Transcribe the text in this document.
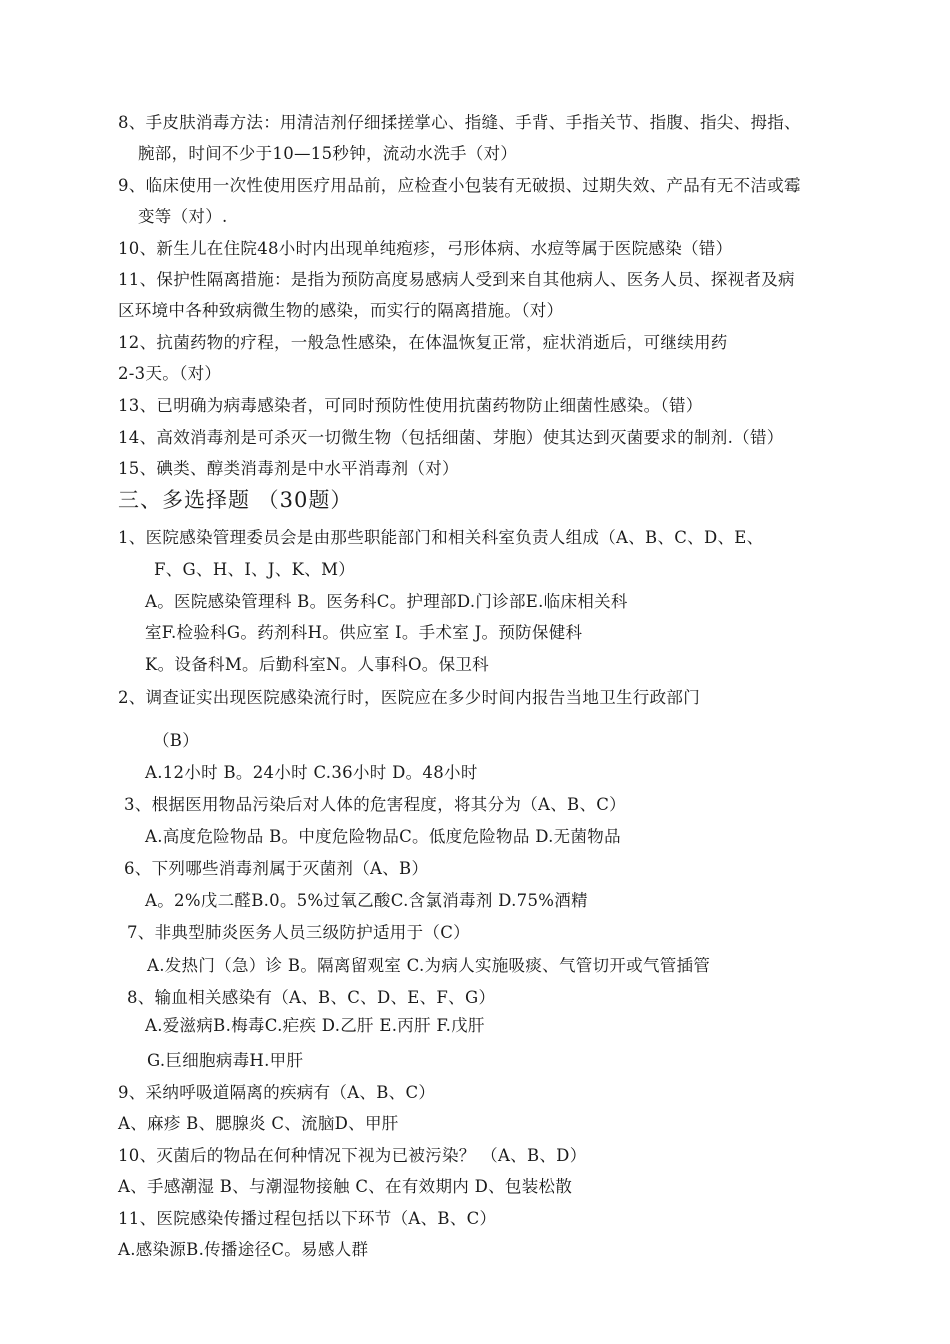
8、手皮肤消毒方法：用清洁剂仔细揉搓掌心、指缝、手背、手指关节、指腹、指尖、拇指、
腕部，时间不少于10—15秒钟，流动水洗手（对）
9、临床使用一次性使用医疗用品前，应检查小包装有无破损、过期失效、产品有无不洁或霉
变等（对）.
10、新生儿在住院48小时内出现单纯疱疹，弓形体病、水痘等属于医院感染（错）
11、保护性隔离措施：是指为预防高度易感病人受到来自其他病人、医务人员、探视者及病
区环境中各种致病微生物的感染，而实行的隔离措施。（对）
12、抗菌药物的疗程，一般急性感染，在体温恢复正常，症状消逝后，可继续用药
2-3天。（对）
13、已明确为病毒感染者，可同时预防性使用抗菌药物防止细菌性感染。（错）
14、高效消毒剂是可杀灭一切微生物（包括细菌、芽胞）使其达到灭菌要求的制剂.（错）
15、碘类、醇类消毒剂是中水平消毒剂（对）
三、多选择题 （30题）
1、医院感染管理委员会是由那些职能部门和相关科室负责人组成（A、B、C、D、E、
F、G、H、I、J、K、M）
A。医院感染管理科 B。医务科C。护理部D.门诊部E.临床相关科
室F.检验科G。药剂科H。供应室 I。手术室 J。预防保健科
K。设备科M。后勤科室N。人事科O。保卫科
2、调查证实出现医院感染流行时，医院应在多少时间内报告当地卫生行政部门
（B）
A.12小时 B。24小时 C.36小时 D。48小时
3、根据医用物品污染后对人体的危害程度，将其分为（A、B、C）
A.高度危险物品 B。中度危险物品C。低度危险物品 D.无菌物品
6、下列哪些消毒剂属于灭菌剂（A、B）
A。2%戊二醛B.0。5%过氧乙酸C.含氯消毒剂 D.75%酒精
7、非典型肺炎医务人员三级防护适用于（C）
A.发热门（急）诊 B。隔离留观室 C.为病人实施吸痰、气管切开或气管插管
8、输血相关感染有（A、B、C、D、E、F、G）
A.爱滋病B.梅毒C.疟疾 D.乙肝 E.丙肝 F.戊肝
G.巨细胞病毒H.甲肝
9、采纳呼吸道隔离的疾病有（A、B、C）
A、麻疹 B、腮腺炎 C、流脑D、甲肝
10、灭菌后的物品在何种情况下视为已被污染？ （A、B、D）
A、手感潮湿 B、与潮湿物接触 C、在有效期内 D、包装松散
11、医院感染传播过程包括以下环节（A、B、C）
A.感染源B.传播途径C。易感人群
